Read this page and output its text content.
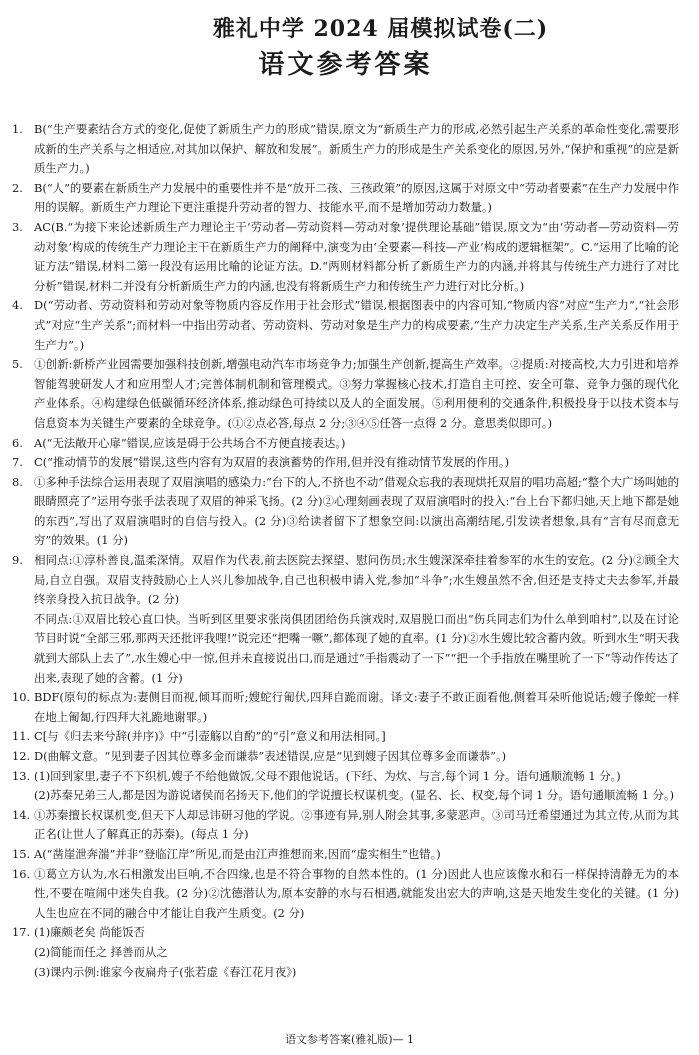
雅礼中学 2024 届模拟试卷(二)
语文参考答案

1. B(“生产要素结合方式的变化,促使了新质生产力的形成”错误,原文为“新质生产力的形成,必然引起生产关系的革命性变化,需要形成新的生产关系与之相适应,对其加以保护、解放和发展”。新质生产力的形成是生产关系变化的原因,另外,“保护和重视”的应是新质生产力。)

2. B(“人”的要素在新质生产力发展中的重要性并不是“放开二孩、三孩政策”的原因,这属于对原文中“劳动者要素”在生产力发展中作用的误解。新质生产力理论下更注重提升劳动者的智力、技能水平,而不是增加劳动力数量。)

3. AC(B.“为接下来论述新质生产力理论主干‘劳动者—劳动资料—劳动对象’提供理论基础”错误,原文为“由‘劳动者—劳动资料—劳动对象’构成的传统生产力理论主干在新质生产力的阐释中,演变为由‘全要素—科技—产业’构成的逻辑框架”。C.“运用了比喻的论证方法”错误,材料二第一段没有运用比喻的论证方法。D.“两则材料都分析了新质生产力的内涵,并将其与传统生产力进行了对比分析”错误,材料二并没有分析新质生产力的内涵,也没有将新质生产力和传统生产力进行对比分析。)

4. D(“劳动者、劳动资料和劳动对象等物质内容反作用于社会形式”错误,根据图表中的内容可知,“物质内容”对应“生产力”,“社会形式”对应“生产关系”;而材料一中指出劳动者、劳动资料、劳动对象是生产力的构成要素,“生产力决定生产关系,生产关系反作用于生产力”。)

5. ①创新:新桥产业园需要加强科技创新,增强电动汽车市场竞争力;加强生产创新,提高生产效率。②提质:对接高校,大力引进和培养智能驾驶研发人才和应用型人才;完善体制机制和管理模式。③努力掌握核心技术,打造自主可控、安全可靠、竞争力强的现代化产业体系。④构建绿色低碳循环经济体系,推动绿色可持续以及人的全面发展。⑤利用便利的交通条件,积极投身于以技术资本与信息资本为关键生产要素的全球竞争。(①②点必答,每点 2 分;③④⑤任答一点得 2 分。意思类似即可。)

6. A(“无法敞开心扉”错误,应该是碍于公共场合不方便直接表达。)

7. C(“推动情节的发展”错误,这些内容有为双眉的表演蓄势的作用,但并没有推动情节发展的作用。)

8. ①多种手法综合运用表现了双眉演唱的感染力:“台下的人,不挤也不动”借观众忘我的表现烘托双眉的唱功高超;“整个大广场叫她的眼睛照亮了”运用夸张手法表现了双眉的神采飞扬。(2 分)②心理刻画表现了双眉演唱时的投入:“台上台下都归她,天上地下都是她的东西”,写出了双眉演唱时的自信与投入。(2 分)③给读者留下了想象空间:以演出高潮结尾,引发读者想象,具有“言有尽而意无穷”的效果。(1 分)

9. 相同点:①淳朴善良,温柔深情。双眉作为代表,前去医院去探望、慰问伤员;水生嫂深深牵挂着参军的水生的安危。(2 分)②顾全大局,自立自强。双眉支持鼓励心上人兴儿参加战争,自己也积极申请入党,参加“斗争”;水生嫂虽然不舍,但还是支持丈夫去参军,并最终亲身投入抗日战争。(2 分)

不同点:①双眉比较心直口快。当听到区里要求张岗俱团团给伤兵演戏时,双眉脱口而出“伤兵同志们为什么单到咱村”,以及在讨论节目时说“全部三邪,那两天还批评我哩!”说完还“把嘴一噘”,都体现了她的直率。(1 分)②水生嫂比较含蓄内敛。听到水生“明天我就到大部队上去了”,水生嫂心中一惊,但并未直接说出口,而是通过“手指震动了一下”“把一个手指放在嘴里吮了一下”等动作传达了出来,表现了她的含蓄。(1 分)

10. BDF(原句的标点为:妻侧目而视,倾耳而听;嫂蛇行匍伏,四拜自跪而谢。译文:妻子不敢正面看他,侧着耳朵听他说话;嫂子像蛇一样在地上匍匐,行四拜大礼跪地谢罪。)

11. C[与《归去来兮辞(并序)》中“引壶觞以自酌”的“引”意义和用法相同。]

12. D(曲解文意。“见到妻子因其位尊多金而谦恭”表述错误,应是“见到嫂子因其位尊多金而谦恭”。)

13. (1)回到家里,妻子不下织机,嫂子不给他做饭,父母不跟他说话。(下纴、为炊、与言,每个词 1 分。语句通顺流畅 1 分。)

(2)苏秦兄弟三人,都是因为游说诸侯而名扬天下,他们的学说擅长权谋机变。(显名、长、权变,每个词 1 分。语句通顺流畅 1 分。)

14. ①苏秦擅长权谋机变,但天下人却忌讳研习他的学说。②事迹有异,别人附会其事,多蒙恶声。③司马迁希望通过为其立传,从而为其正名(让世人了解真正的苏秦)。(每点 1 分)

15. A(“凿崖泄奔湍”并非“登临江岸”所见,而是由江声推想而来,因而“虚实相生”也错。)

16. ①葛立方认为,水石相激发出巨响,不合四缘,也是不符合事物的自然本性的。(1 分)因此人也应该像水和石一样保持清静无为的本性,不要在喧闹中迷失自我。(2 分)②沈德潜认为,原本安静的水与石相遇,就能发出宏大的声响,这是天地发生变化的关键。(1 分)人生也应在不同的融合中才能让自我产生质变。(2 分)

17. (1)廉颇老矣 尚能饭否

(2)简能而任之 择善而从之

(3)课内示例:谁家今夜扁舟子(张若虚《春江花月夜》)

语文参考答案(雅礼版)— 1
